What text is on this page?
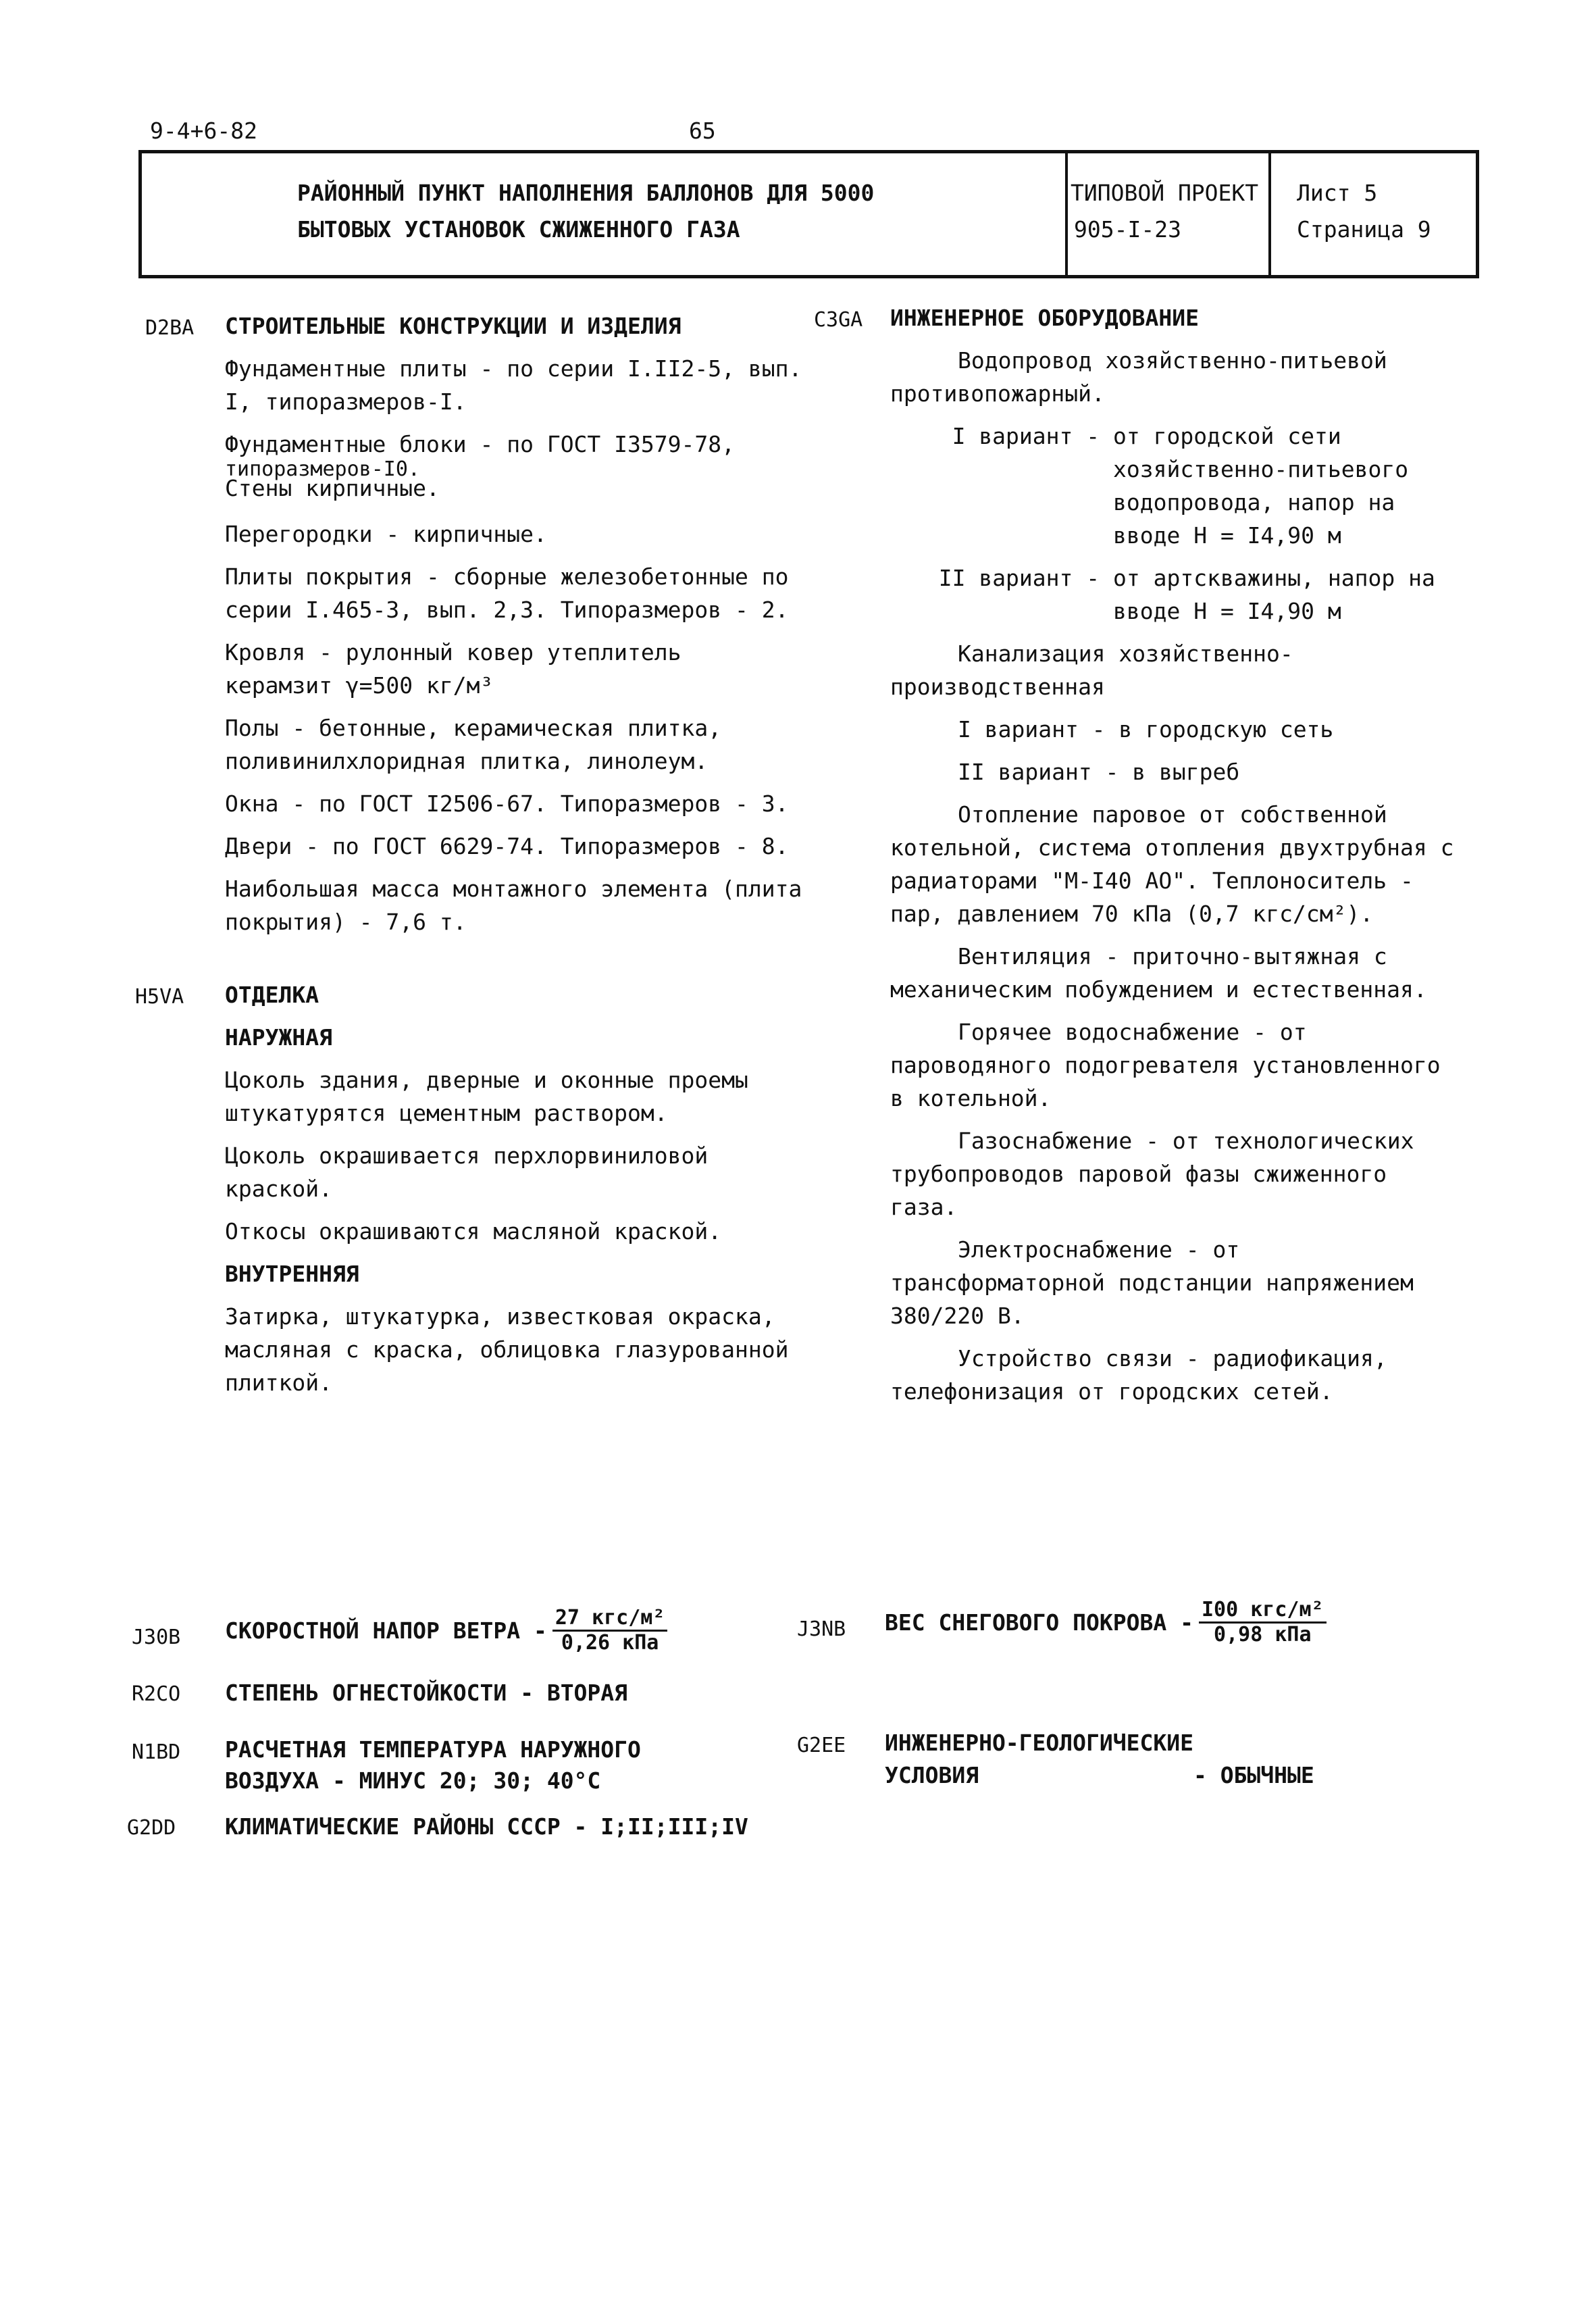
9-4+6-82	65
РАЙОННЫЙ ПУНКТ НАПОЛНЕНИЯ БАЛЛОНОВ ДЛЯ 5000
БЫТОВЫХ УСТАНОВОК СЖИЖЕННОГО ГАЗА
ТИПОВОЙ ПРОЕКТ
905-I-23
Лист 5
Страница 9
D2BA
H5VA

СТРОИТЕЛЬНЫЕ КОНСТРУКЦИИ И ИЗДЕЛИЯ

Фундаментные плиты - по серии I.II2-5, вып. I, типоразмеров-I.

Фундаментные блоки - по ГОСТ I3579-78,

типоразмеров-I0.

Стены кирпичные.

Перегородки - кирпичные.

Плиты покрытия - сборные железобетонные по серии I.465-3, вып. 2,3. Типоразмеров - 2.

Кровля - рулонный ковер утеплитель

керамзит γ=500 кг/м³

Полы - бетонные, керамическая плитка, поливинилхлоридная плитка, линолеум.

Окна - по ГОСТ I2506-67. Типоразмеров - 3.

Двери - по ГОСТ 6629-74. Типоразмеров - 8.

Наибольшая масса монтажного элемента (плита покрытия) - 7,6 т.

ОТДЕЛКА

НАРУЖНАЯ

Цоколь здания, дверные и оконные проемы штукатурятся цементным раствором.

Цоколь окрашивается перхлорвиниловой краской.

Откосы окрашиваются масляной краской.

ВНУТРЕННЯЯ

Затирка, штукатурка, известковая окраска, масляная с краска, облицовка глазурованной плиткой.

C3GA ИНЖЕНЕРНОЕ ОБОРУДОВАНИЕ

Водопровод хозяйственно-питьевой противопожарный.

I вариант - от городской сети хозяйственно-питьевого водопровода, напор на вводе H = I4,90 м
II вариант - от артскважины, напор на вводе H = I4,90 м

Канализация хозяйственно-производственная

I вариант - в городскую сеть

II вариант - в выгреб

Отопление паровое от собственной котельной, система отопления двухтрубная с радиаторами "М-I40 АО". Теплоноситель - пар, давлением 70 кПа (0,7 кгс/см²).

Вентиляция - приточно-вытяжная с механическим побуждением и естественная.

Горячее водоснабжение - от пароводяного подогревателя установленного в котельной.

Газоснабжение - от технологических трубопроводов паровой фазы сжиженного газа.

Электроснабжение - от трансформаторной подстанции напряжением 380/220 В.

Устройство связи - радиофикация, телефонизация от городских сетей.

J30B СКОРОСТНОЙ НАПОР ВЕТРА - $\frac{\text{27 кгс/м²}}{\text{0,26 кПа}}$	J3NB ВЕС СНЕГОВОГО ПОКРОВА - $\frac{\text{I00 кгс/м²}}{\text{0,98 кПа}}$
R2CO СТЕПЕНЬ ОГНЕСТОЙКОСТИ - ВТОРАЯ
N1BD РАСЧЕТНАЯ ТЕМПЕРАТУРА НАРУЖНОГО
ВОЗДУХА - МИНУС 20; 30; 40°С
G2EE ИНЖЕНЕРНО-ГЕОЛОГИЧЕСКИЕ
УСЛОВИЯ                - ОБЫЧНЫЕ
G2DD КЛИМАТИЧЕСКИЕ РАЙОНЫ СССР - I;II;III;IV
